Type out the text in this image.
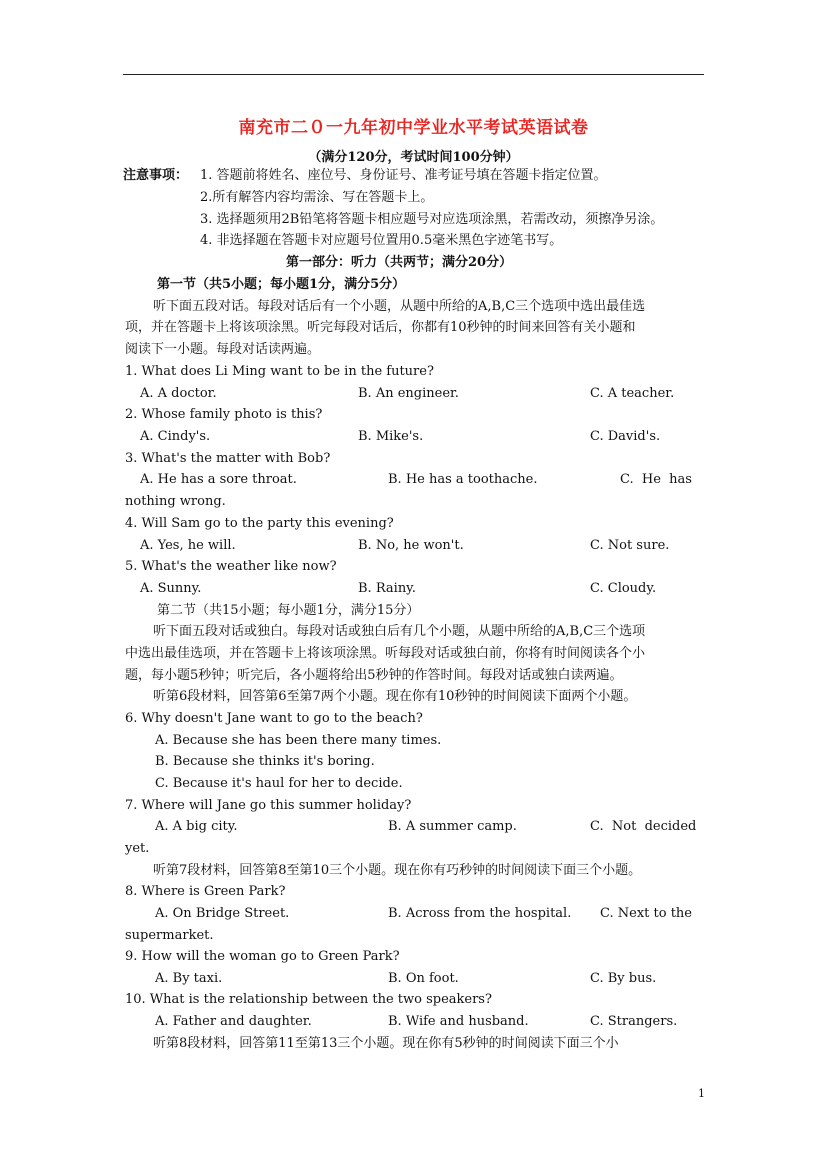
南充市二０一九年初中学业水平考试英语试卷
（满分120分，考试时间100分钟）
注意事项： 1. 答题前将姓名、座位号、身份证号、准考证号填在答题卡指定位置。
2.所有解答内容均需涂、写在答题卡上。
3. 选择题须用2B铅笔将答题卡相应题号对应选项涂黑，若需改动，须擦净另涂。
4. 非选择题在答题卡对应题号位置用0.5毫米黑色字迹笔书写。
第一部分：听力（共两节；满分20分）
第一节（共5小题；每小题1分，满分5分）
听下面五段对话。每段对话后有一个小题，从题中所给的A,B,C三个选项中选出最佳选
项，并在答题卡上将该项涂黑。听完每段对话后，你都有10秒钟的时间来回答有关小题和
阅读下一小题。每段对话读两遍。
1. What does Li Ming want to be in the future?
A. A doctor.	B. An engineer.	C. A teacher.
2. Whose family photo is this?
A. Cindy's.	B. Mike's.	C. David's.
3. What's the matter with Bob?
A. He has a sore throat.	B. He has a toothache.	C.  He  has
nothing wrong.
4. Will Sam go to the party this evening?
A. Yes, he will.	B. No, he won't.	C. Not sure.
5. What's the weather like now?
A. Sunny.	B. Rainy.	C. Cloudy.
第二节（共15小题；每小题1分，满分15分）
听下面五段对话或独白。每段对话或独白后有几个小题，从题中所给的A,B,C三个选项
中选出最佳选项，并在答题卡上将该项涂黑。听每段对话或独白前，你将有时间阅读各个小
题，每小题5秒钟；听完后，各小题将给出5秒钟的作答时间。每段对话或独白读两遍。
听第6段材料，回答第6至第7两个小题。现在你有10秒钟的时间阅读下面两个小题。
6. Why doesn't Jane want to go to the beach?
A. Because she has been there many times.
B. Because she thinks it's boring.
C. Because it's haul for her to decide.
7. Where will Jane go this summer holiday?
A. A big city.	B. A summer camp.	C.  Not  decided
yet.
听第7段材料，回答第8至第10三个小题。现在你有巧秒钟的时间阅读下面三个小题。
8. Where is Green Park?
A. On Bridge Street.	B. Across from the hospital. C. Next to the
supermarket.
9. How will the woman go to Green Park?
A. By taxi.	B. On foot.	C. By bus.
10. What is the relationship between the two speakers?
A. Father and daughter.	B. Wife and husband.	C. Strangers.
听第8段材料，回答第11至第13三个小题。现在你有5秒钟的时间阅读下面三个小
1
